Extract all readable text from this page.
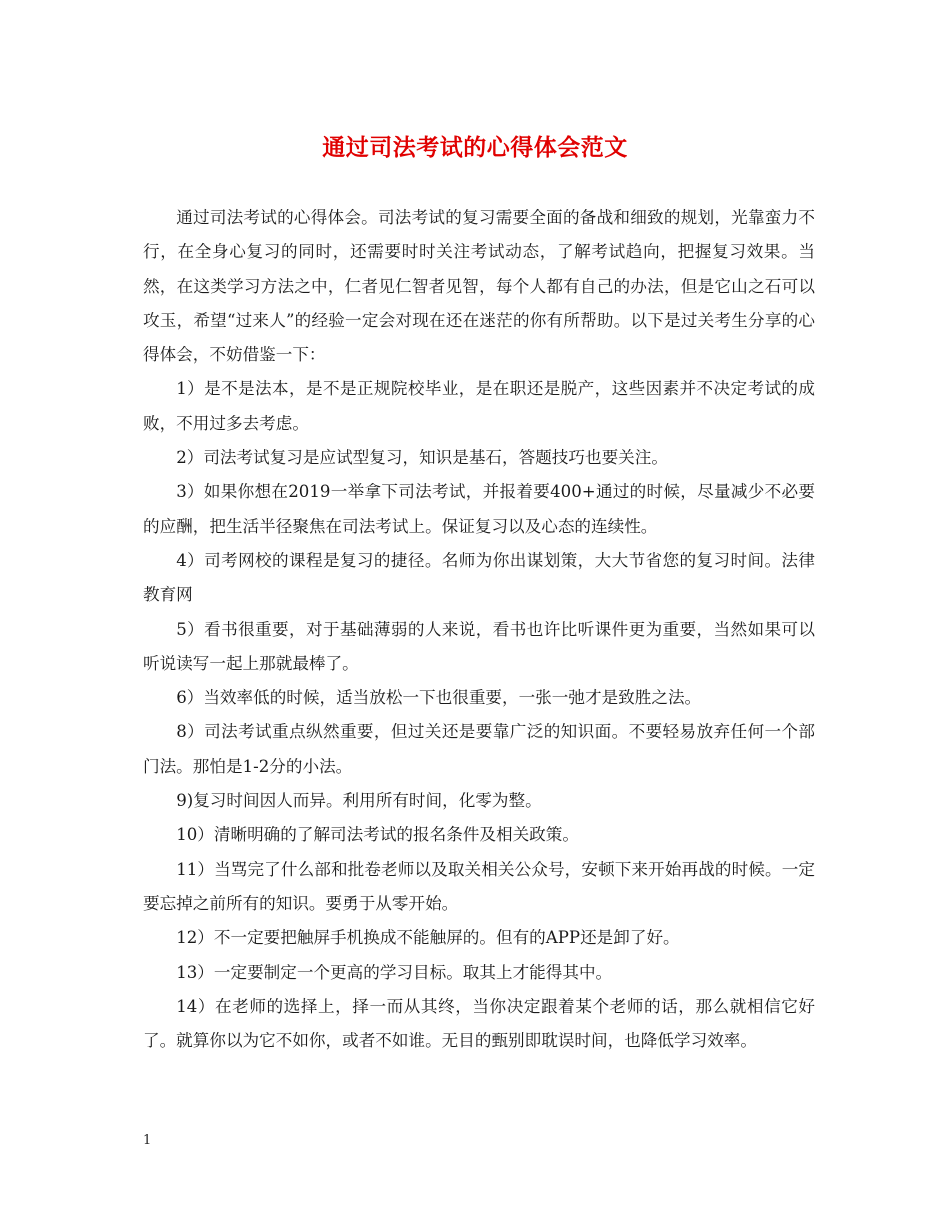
通过司法考试的心得体会范文

通过司法考试的心得体会。司法考试的复习需要全面的备战和细致的规划，光靠蛮力不行，在全身心复习的同时，还需要时时关注考试动态，了解考试趋向，把握复习效果。当然，在这类学习方法之中，仁者见仁智者见智，每个人都有自己的办法，但是它山之石可以攻玉，希望“过来人”的经验一定会对现在还在迷茫的你有所帮助。以下是过关考生分享的心得体会，不妨借鉴一下：

1）是不是法本，是不是正规院校毕业，是在职还是脱产，这些因素并不决定考试的成败，不用过多去考虑。

2）司法考试复习是应试型复习，知识是基石，答题技巧也要关注。

3）如果你想在2019一举拿下司法考试，并报着要400+通过的时候，尽量减少不必要的应酬，把生活半径聚焦在司法考试上。保证复习以及心态的连续性。

4）司考网校的课程是复习的捷径。名师为你出谋划策，大大节省您的复习时间。法律教育网

5）看书很重要，对于基础薄弱的人来说，看书也许比听课件更为重要，当然如果可以听说读写一起上那就最棒了。

6）当效率低的时候，适当放松一下也很重要，一张一弛才是致胜之法。

8）司法考试重点纵然重要，但过关还是要靠广泛的知识面。不要轻易放弃任何一个部门法。那怕是1-2分的小法。

9)复习时间因人而异。利用所有时间，化零为整。

10）清晰明确的了解司法考试的报名条件及相关政策。

11）当骂完了什么部和批卷老师以及取关相关公众号，安顿下来开始再战的时候。一定要忘掉之前所有的知识。要勇于从零开始。

12）不一定要把触屏手机换成不能触屏的。但有的APP还是卸了好。

13）一定要制定一个更高的学习目标。取其上才能得其中。

14）在老师的选择上，择一而从其终，当你决定跟着某个老师的话，那么就相信它好了。就算你以为它不如你，或者不如谁。无目的甄别即耽误时间，也降低学习效率。

1
